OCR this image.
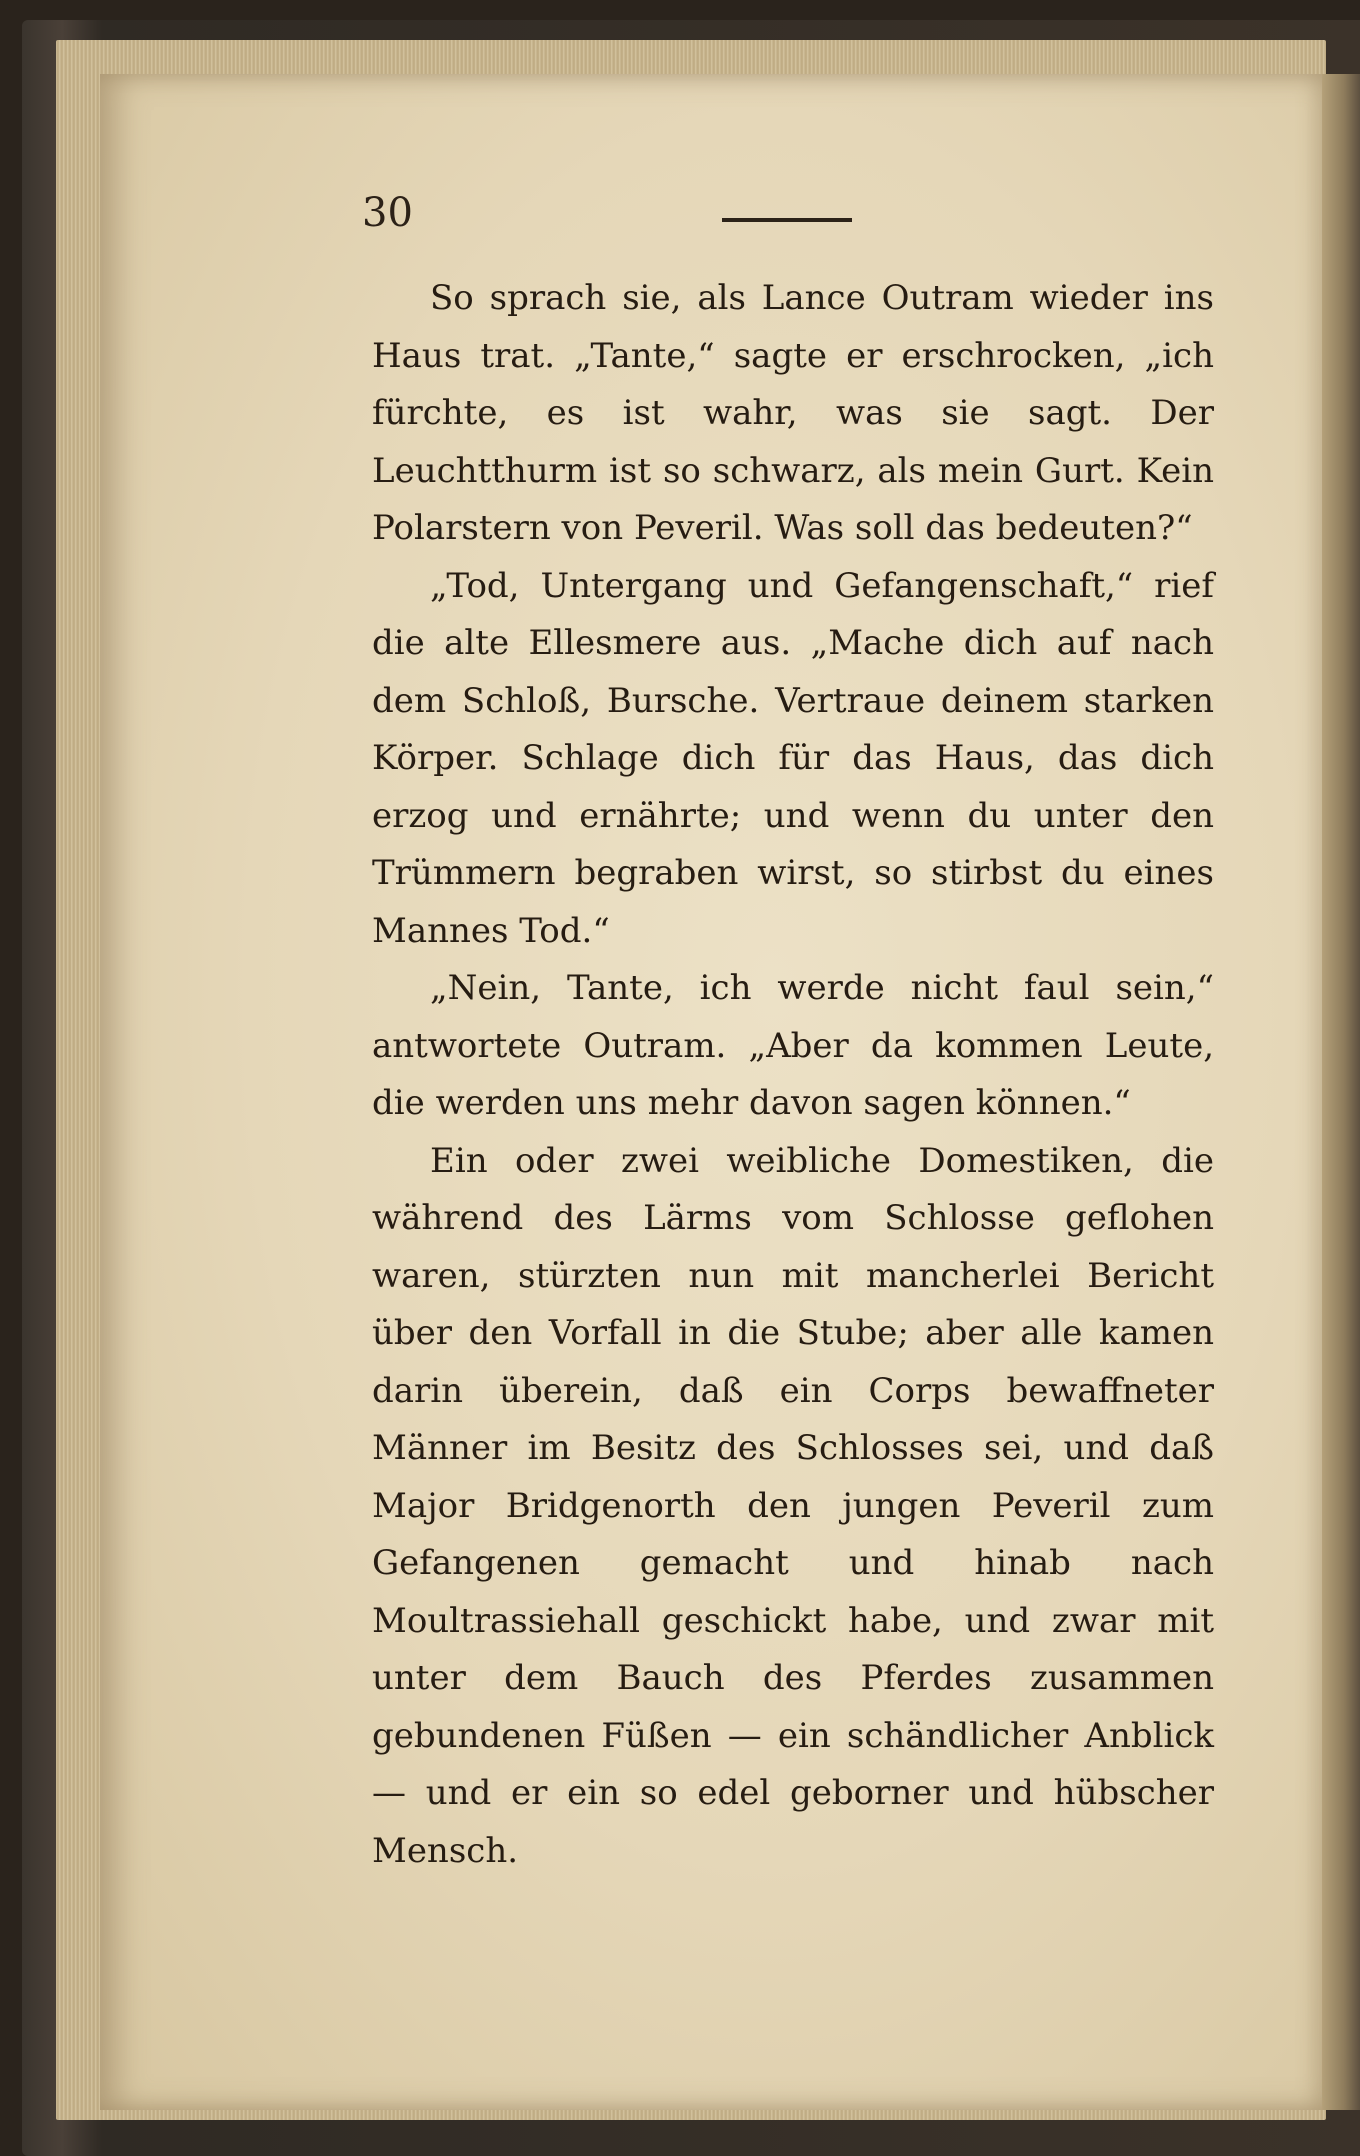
30

So sprach sie, als Lance Outram wieder ins Haus trat. „Tante,“ sagte er erschrocken, „ich fürchte, es ist wahr, was sie sagt. Der Leuchtthurm ist so schwarz, als mein Gurt. Kein Polarstern von Peveril. Was soll das bedeuten?“

„Tod, Untergang und Gefangenschaft,“ rief die alte Ellesmere aus. „Mache dich auf nach dem Schloß, Bursche. Vertraue deinem starken Körper. Schlage dich für das Haus, das dich erzog und ernährte; und wenn du unter den Trümmern begraben wirst, so stirbst du eines Mannes Tod.“

„Nein, Tante, ich werde nicht faul sein,“ antwortete Outram. „Aber da kommen Leute, die werden uns mehr davon sagen können.“

Ein oder zwei weibliche Domestiken, die während des Lärms vom Schlosse geflohen waren, stürzten nun mit mancherlei Bericht über den Vorfall in die Stube; aber alle kamen darin überein, daß ein Corps bewaffneter Männer im Besitz des Schlosses sei, und daß Major Bridgenorth den jungen Peveril zum Gefangenen gemacht und hinab nach Moultrassiehall geschickt habe, und zwar mit unter dem Bauch des Pferdes zusammen gebundenen Füßen — ein schändlicher Anblick — und er ein so edel geborner und hübscher Mensch.
